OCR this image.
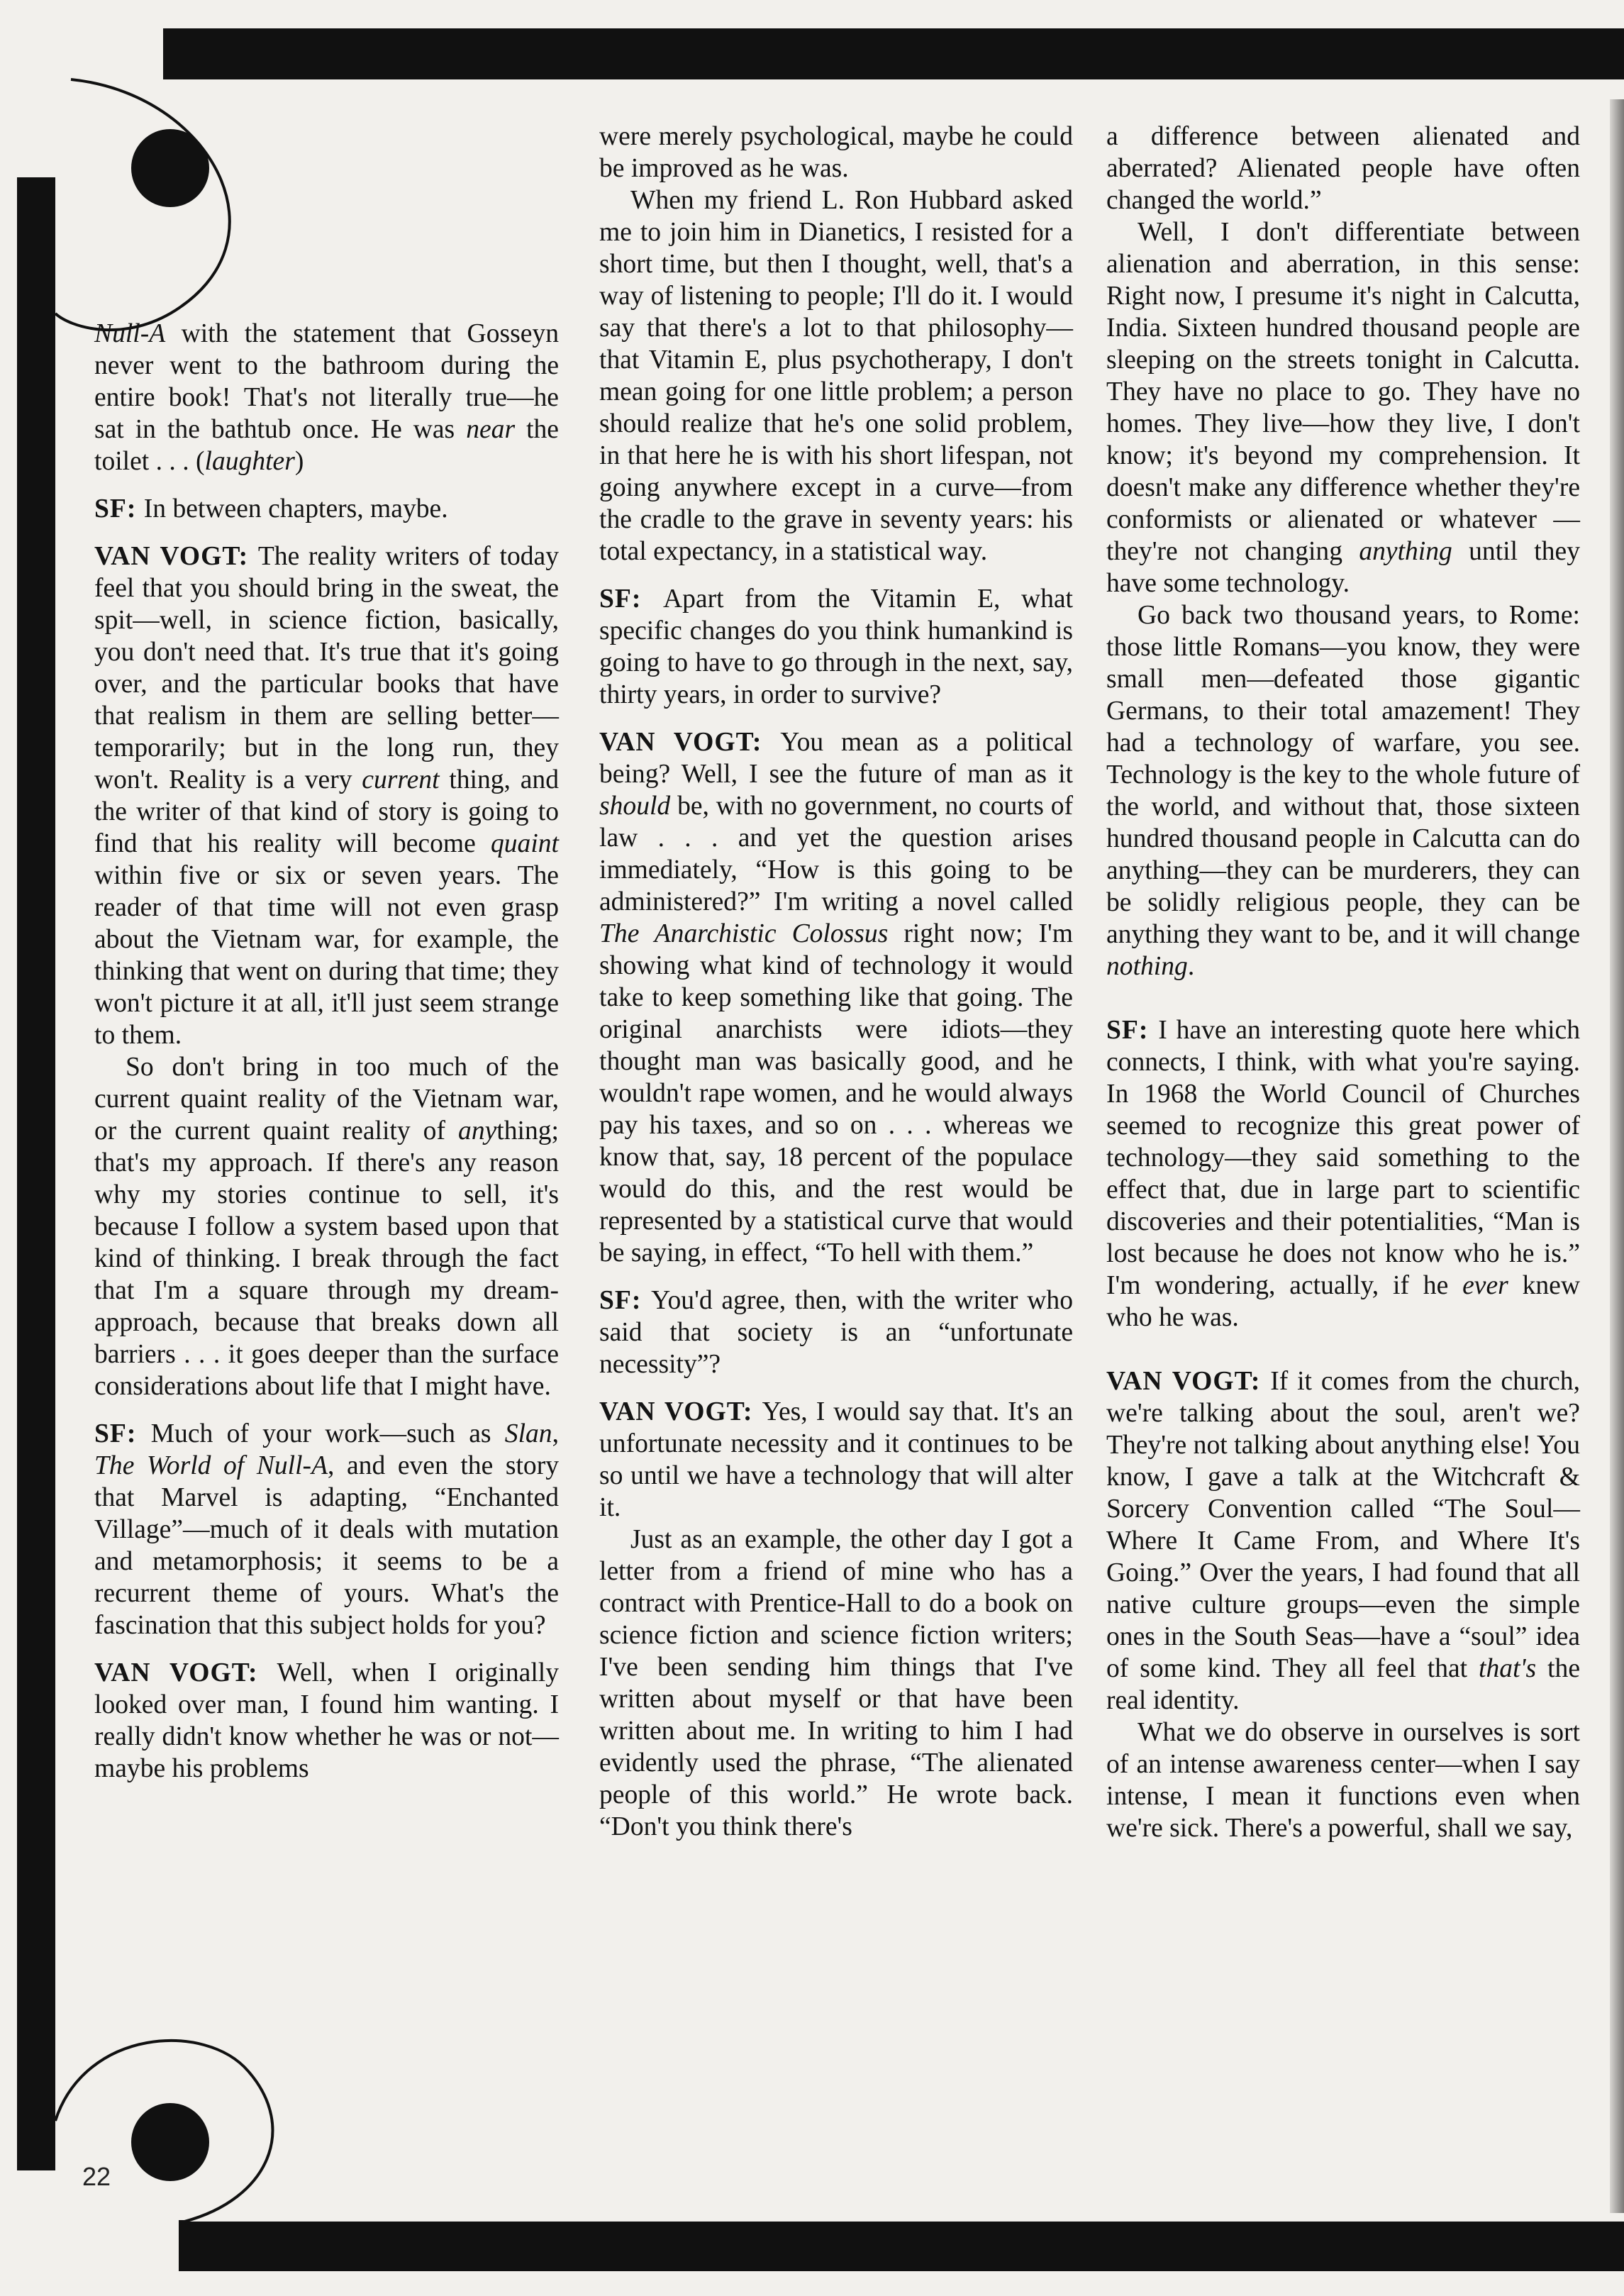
Null-A with the statement that Gosseyn never went to the bathroom during the entire book! That's not literally true—he sat in the bathtub once. He was near the toilet . . . (laughter)

SF: In between chapters, maybe.

VAN VOGT: The reality writers of today feel that you should bring in the sweat, the spit—well, in science fiction, basically, you don't need that. It's true that it's going over, and the particular books that have that realism in them are selling better—temporarily; but in the long run, they won't. Reality is a very current thing, and the writer of that kind of story is going to find that his reality will become quaint within five or six or seven years. The reader of that time will not even grasp about the Vietnam war, for example, the thinking that went on during that time; they won't picture it at all, it'll just seem strange to them.

So don't bring in too much of the current quaint reality of the Vietnam war, or the current quaint reality of anything; that's my approach. If there's any reason why my stories continue to sell, it's because I follow a system based upon that kind of thinking. I break through the fact that I'm a square through my dream-approach, because that breaks down all barriers . . . it goes deeper than the surface considerations about life that I might have.

SF: Much of your work—such as Slan, The World of Null-A, and even the story that Marvel is adapting, “Enchanted Village”—much of it deals with mutation and metamorphosis; it seems to be a recurrent theme of yours. What's the fascination that this subject holds for you?

VAN VOGT: Well, when I originally looked over man, I found him wanting. I really didn't know whether he was or not—maybe his problems

were merely psychological, maybe he could be improved as he was.

When my friend L. Ron Hubbard asked me to join him in Dianetics, I resisted for a short time, but then I thought, well, that's a way of listening to people; I'll do it. I would say that there's a lot to that philosophy—that Vitamin E, plus psychotherapy, I don't mean going for one little problem; a person should realize that he's one solid problem, in that here he is with his short lifespan, not going anywhere except in a curve—from the cradle to the grave in seventy years: his total expectancy, in a statistical way.

SF: Apart from the Vitamin E, what specific changes do you think humankind is going to have to go through in the next, say, thirty years, in order to survive?

VAN VOGT: You mean as a political being? Well, I see the future of man as it should be, with no government, no courts of law . . . and yet the question arises immediately, “How is this going to be administered?” I'm writing a novel called The Anarchistic Colossus right now; I'm showing what kind of technology it would take to keep something like that going. The original anarchists were idiots—they thought man was basically good, and he wouldn't rape women, and he would always pay his taxes, and so on . . . whereas we know that, say, 18 percent of the populace would do this, and the rest would be represented by a statistical curve that would be saying, in effect, “To hell with them.”

SF: You'd agree, then, with the writer who said that society is an “unfortunate necessity”?

VAN VOGT: Yes, I would say that. It's an unfortunate necessity and it continues to be so until we have a technology that will alter it.

Just as an example, the other day I got a letter from a friend of mine who has a contract with Prentice-Hall to do a book on science fiction and science fiction writers; I've been sending him things that I've written about myself or that have been written about me. In writing to him I had evidently used the phrase, “The alienated people of this world.” He wrote back. “Don't you think there's

a difference between alienated and aberrated? Alienated people have often changed the world.”

Well, I don't differentiate between alienation and aberration, in this sense: Right now, I presume it's night in Calcutta, India. Sixteen hundred thousand people are sleeping on the streets tonight in Calcutta. They have no place to go. They have no homes. They live—how they live, I don't know; it's beyond my comprehension. It doesn't make any difference whether they're conformists or alienated or whatever —they're not changing anything until they have some technology.

Go back two thousand years, to Rome: those little Romans—you know, they were small men—defeated those gigantic Germans, to their total amazement! They had a technology of warfare, you see. Technology is the key to the whole future of the world, and without that, those sixteen hundred thousand people in Calcutta can do anything—they can be murderers, they can be solidly religious people, they can be anything they want to be, and it will change nothing.

SF: I have an interesting quote here which connects, I think, with what you're saying. In 1968 the World Council of Churches seemed to recognize this great power of technology—they said something to the effect that, due in large part to scientific discoveries and their potentialities, “Man is lost because he does not know who he is.” I'm wondering, actually, if he ever knew who he was.

VAN VOGT: If it comes from the church, we're talking about the soul, aren't we? They're not talking about anything else! You know, I gave a talk at the Witchcraft & Sorcery Convention called “The Soul—Where It Came From, and Where It's Going.” Over the years, I had found that all native culture groups—even the simple ones in the South Seas—have a “soul” idea of some kind. They all feel that that's the real identity.

What we do observe in ourselves is sort of an intense awareness center—when I say intense, I mean it functions even when we're sick. There's a powerful, shall we say,

22
